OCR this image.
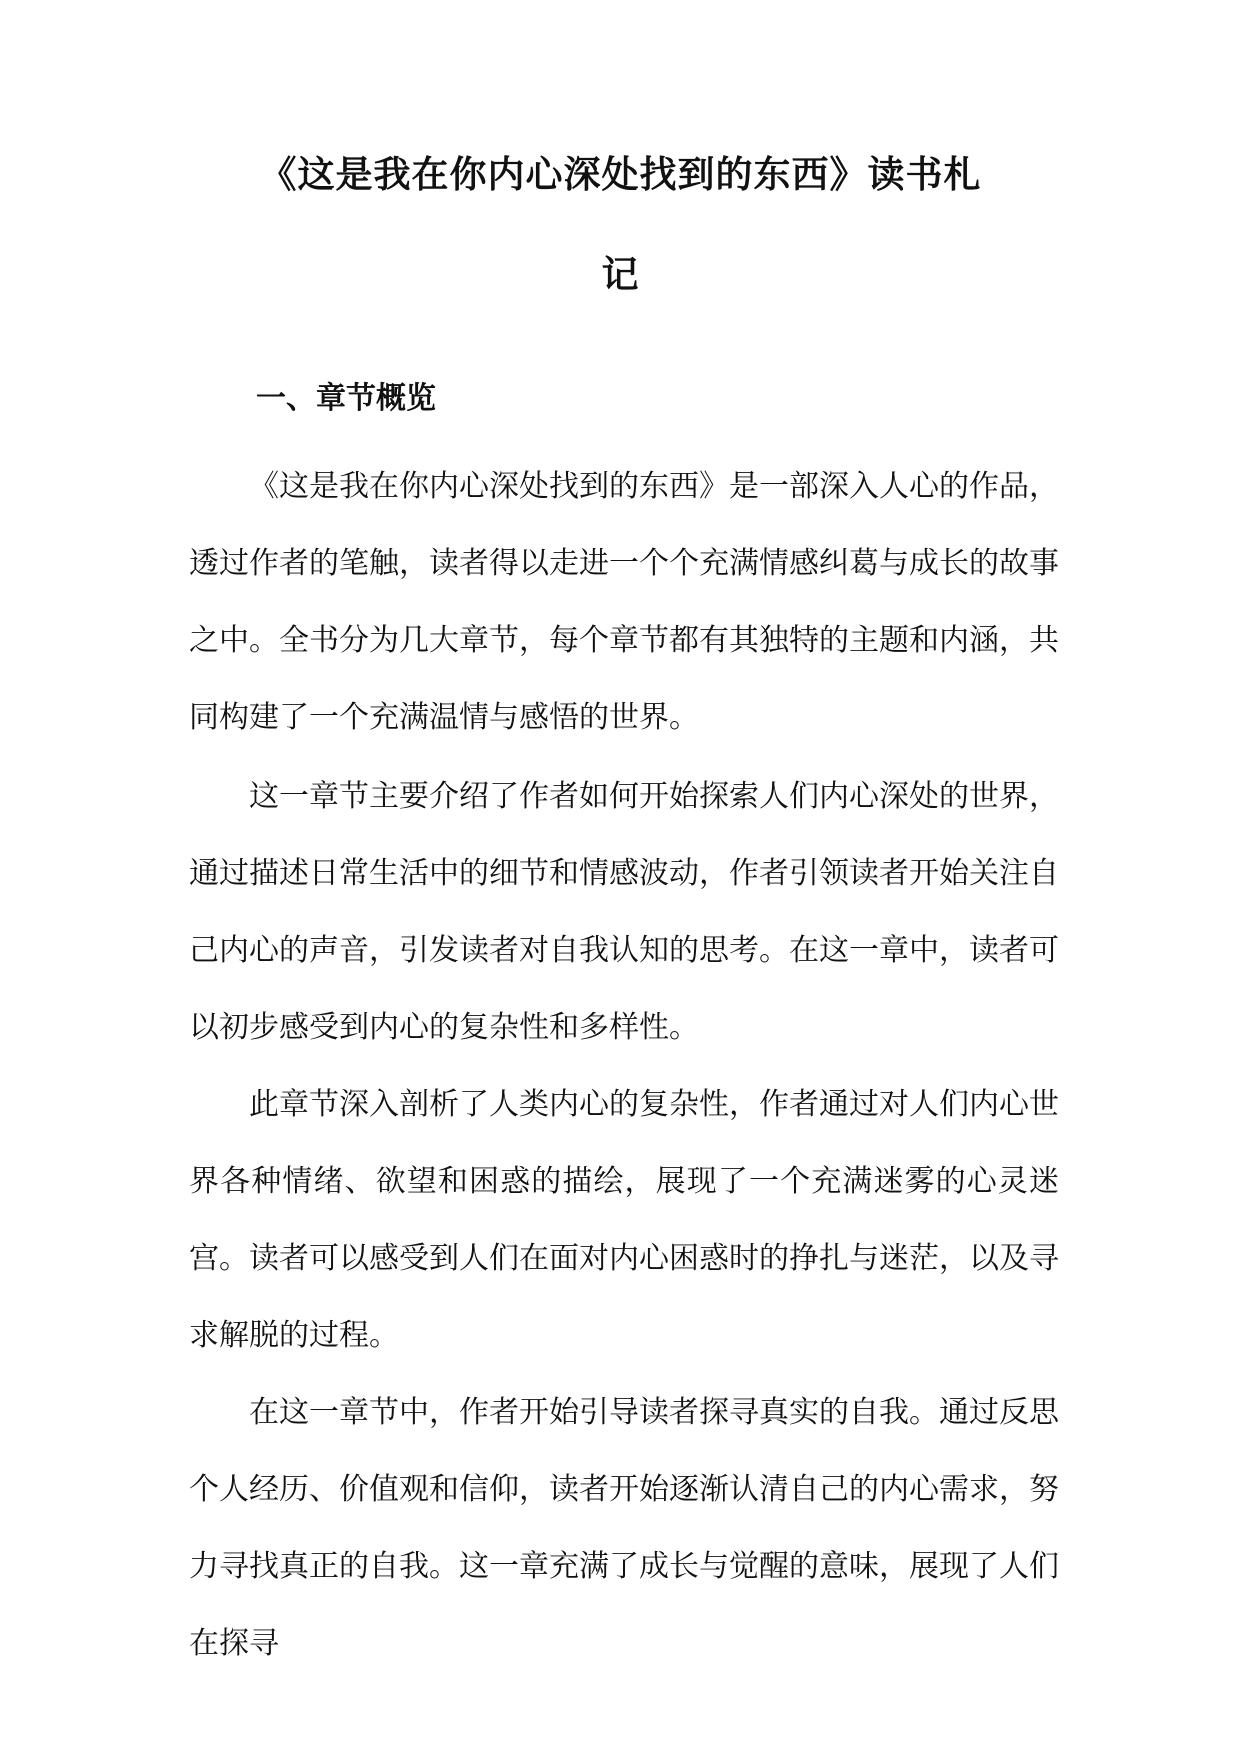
《这是我在你内心深处找到的东西》读书札
记
一、章节概览

《这是我在你内心深处找到的东西》是一部深入人心的作品，透过作者的笔触，读者得以走进一个个充满情感纠葛与成长的故事之中。全书分为几大章节，每个章节都有其独特的主题和内涵，共同构建了一个充满温情与感悟的世界。

这一章节主要介绍了作者如何开始探索人们内心深处的世界，通过描述日常生活中的细节和情感波动，作者引领读者开始关注自己内心的声音，引发读者对自我认知的思考。在这一章中，读者可以初步感受到内心的复杂性和多样性。

此章节深入剖析了人类内心的复杂性，作者通过对人们内心世界各种情绪、欲望和困惑的描绘，展现了一个充满迷雾的心灵迷宫。读者可以感受到人们在面对内心困惑时的挣扎与迷茫，以及寻求解脱的过程。

在这一章节中，作者开始引导读者探寻真实的自我。通过反思个人经历、价值观和信仰，读者开始逐渐认清自己的内心需求，努力寻找真正的自我。这一章充满了成长与觉醒的意味，展现了人们在探寻
